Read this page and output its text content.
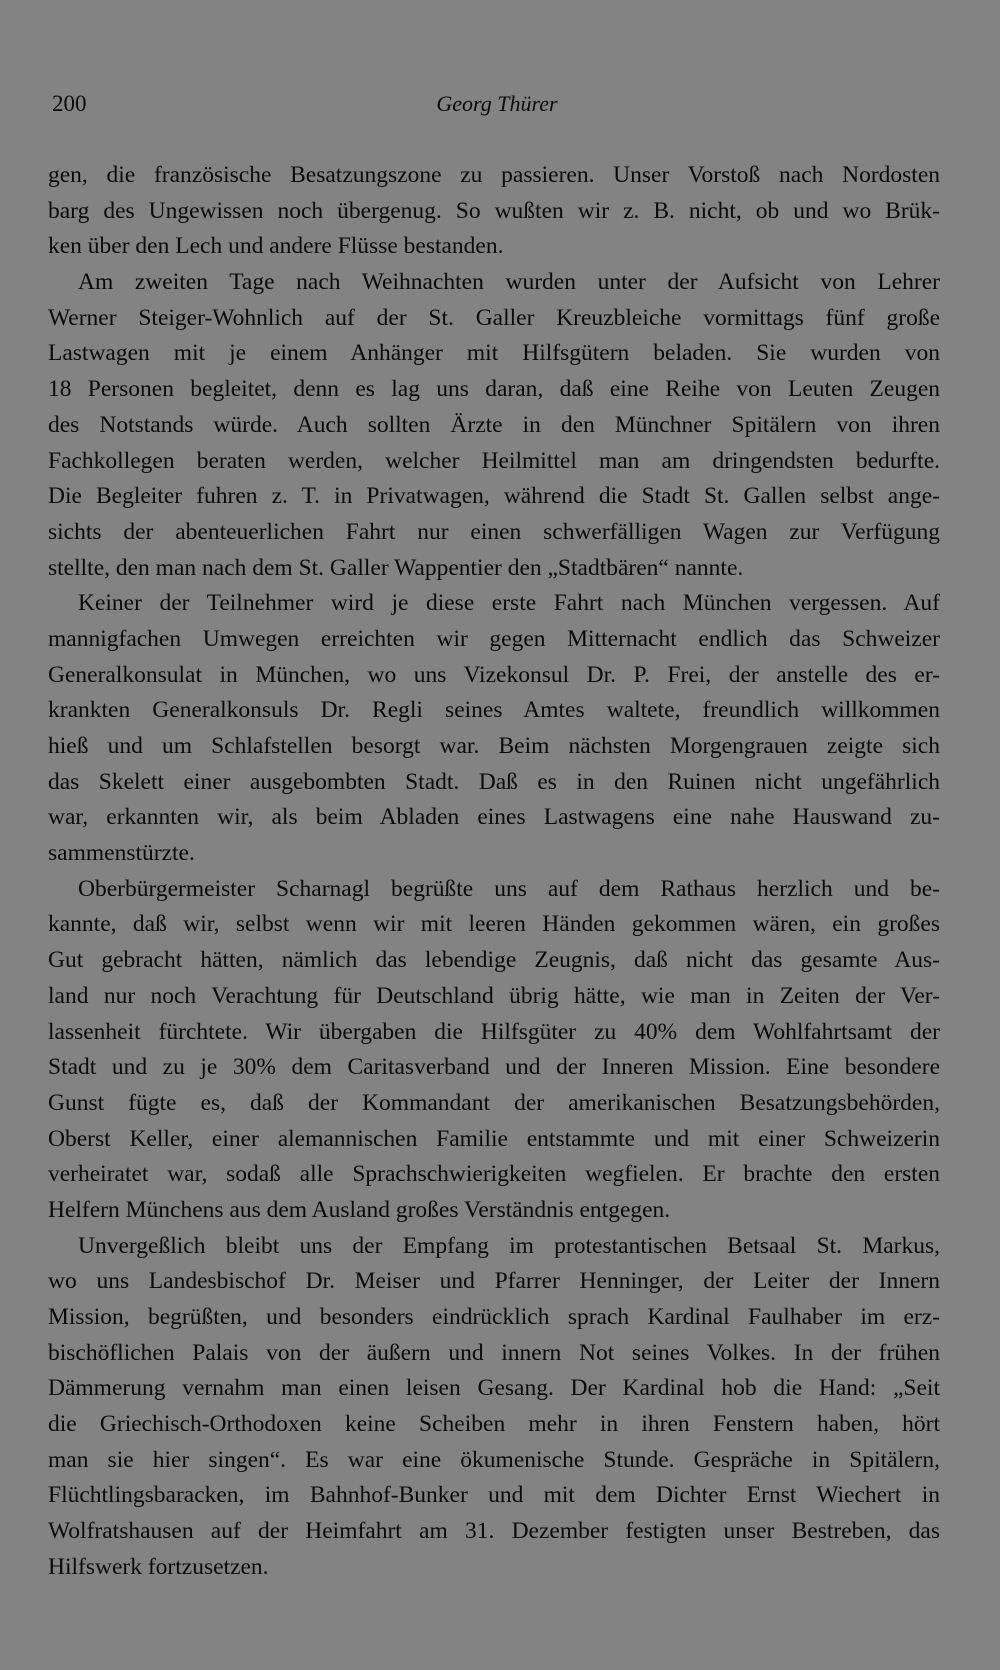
200	Georg Thürer
gen, die französische Besatzungszone zu passieren. Unser Vorstoß nach Nordosten
barg des Ungewissen noch übergenug. So wußten wir z. B. nicht, ob und wo Brük-
ken über den Lech und andere Flüsse bestanden.
Am zweiten Tage nach Weihnachten wurden unter der Aufsicht von Lehrer
Werner Steiger-Wohnlich auf der St. Galler Kreuzbleiche vormittags fünf große
Lastwagen mit je einem Anhänger mit Hilfsgütern beladen. Sie wurden von
18 Personen begleitet, denn es lag uns daran, daß eine Reihe von Leuten Zeugen
des Notstands würde. Auch sollten Ärzte in den Münchner Spitälern von ihren
Fachkollegen beraten werden, welcher Heilmittel man am dringendsten bedurfte.
Die Begleiter fuhren z. T. in Privatwagen, während die Stadt St. Gallen selbst ange-
sichts der abenteuerlichen Fahrt nur einen schwerfälligen Wagen zur Verfügung
stellte, den man nach dem St. Galler Wappentier den „Stadtbären“ nannte.
Keiner der Teilnehmer wird je diese erste Fahrt nach München vergessen. Auf
mannigfachen Umwegen erreichten wir gegen Mitternacht endlich das Schweizer
Generalkonsulat in München, wo uns Vizekonsul Dr. P. Frei, der anstelle des er-
krankten Generalkonsuls Dr. Regli seines Amtes waltete, freundlich willkommen
hieß und um Schlafstellen besorgt war. Beim nächsten Morgengrauen zeigte sich
das Skelett einer ausgebombten Stadt. Daß es in den Ruinen nicht ungefährlich
war, erkannten wir, als beim Abladen eines Lastwagens eine nahe Hauswand zu-
sammenstürzte.
Oberbürgermeister Scharnagl begrüßte uns auf dem Rathaus herzlich und be-
kannte, daß wir, selbst wenn wir mit leeren Händen gekommen wären, ein großes
Gut gebracht hätten, nämlich das lebendige Zeugnis, daß nicht das gesamte Aus-
land nur noch Verachtung für Deutschland übrig hätte, wie man in Zeiten der Ver-
lassenheit fürchtete. Wir übergaben die Hilfsgüter zu 40% dem Wohlfahrtsamt der
Stadt und zu je 30% dem Caritasverband und der Inneren Mission. Eine besondere
Gunst fügte es, daß der Kommandant der amerikanischen Besatzungsbehörden,
Oberst Keller, einer alemannischen Familie entstammte und mit einer Schweizerin
verheiratet war, sodaß alle Sprachschwierigkeiten wegfielen. Er brachte den ersten
Helfern Münchens aus dem Ausland großes Verständnis entgegen.
Unvergeßlich bleibt uns der Empfang im protestantischen Betsaal St. Markus,
wo uns Landesbischof Dr. Meiser und Pfarrer Henninger, der Leiter der Innern
Mission, begrüßten, und besonders eindrücklich sprach Kardinal Faulhaber im erz-
bischöflichen Palais von der äußern und innern Not seines Volkes. In der frühen
Dämmerung vernahm man einen leisen Gesang. Der Kardinal hob die Hand: „Seit
die Griechisch-Orthodoxen keine Scheiben mehr in ihren Fenstern haben, hört
man sie hier singen“. Es war eine ökumenische Stunde. Gespräche in Spitälern,
Flüchtlingsbaracken, im Bahnhof-Bunker und mit dem Dichter Ernst Wiechert in
Wolfratshausen auf der Heimfahrt am 31. Dezember festigten unser Bestreben, das
Hilfswerk fortzusetzen.
